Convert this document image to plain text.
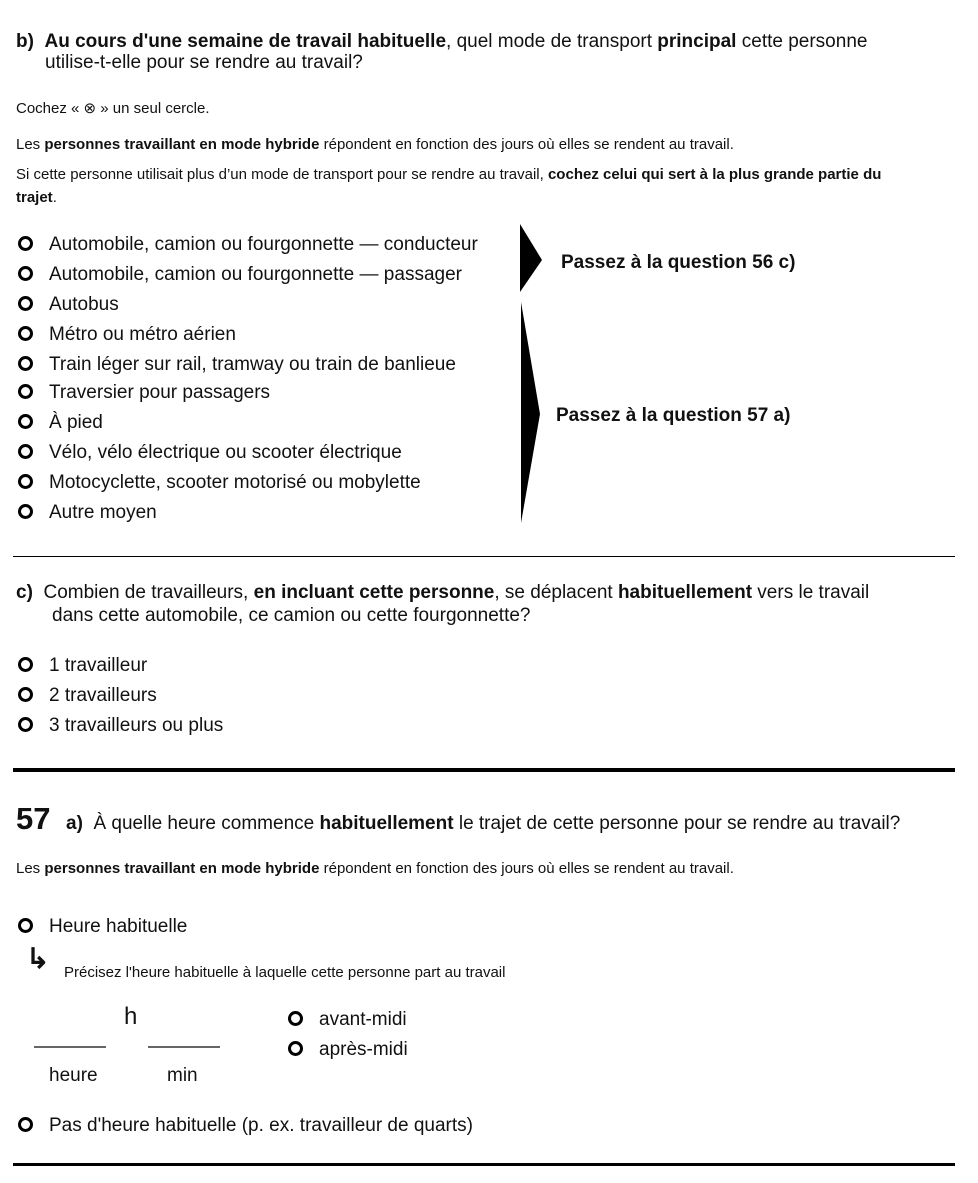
b) Au cours d'une semaine de travail habituelle, quel mode de transport principal cette personne
utilise-t-elle pour se rendre au travail?
Cochez « ⊗ » un seul cercle.
Les personnes travaillant en mode hybride répondent en fonction des jours où elles se rendent au travail.
Si cette personne utilisait plus d’un mode de transport pour se rendre au travail, cochez celui qui sert à la plus grande partie du
trajet.
Automobile, camion ou fourgonnette — conducteur
Automobile, camion ou fourgonnette — passager
Autobus
Métro ou métro aérien
Train léger sur rail, tramway ou train de banlieue
Traversier pour passagers
À pied
Vélo, vélo électrique ou scooter électrique
Motocyclette, scooter motorisé ou mobylette
Autre moyen
Passez à la question 56 c)
Passez à la question 57 a)
c) Combien de travailleurs, en incluant cette personne, se déplacent habituellement vers le travail
dans cette automobile, ce camion ou cette fourgonnette?
1 travailleur
2 travailleurs
3 travailleurs ou plus
57 a) À quelle heure commence habituellement le trajet de cette personne pour se rendre au travail?
Les personnes travaillant en mode hybride répondent en fonction des jours où elles se rendent au travail.
Heure habituelle
↳ Précisez l'heure habituelle à laquelle cette personne part au travail
h
heure	min
avant-midi
après-midi
Pas d'heure habituelle (p. ex. travailleur de quarts)
